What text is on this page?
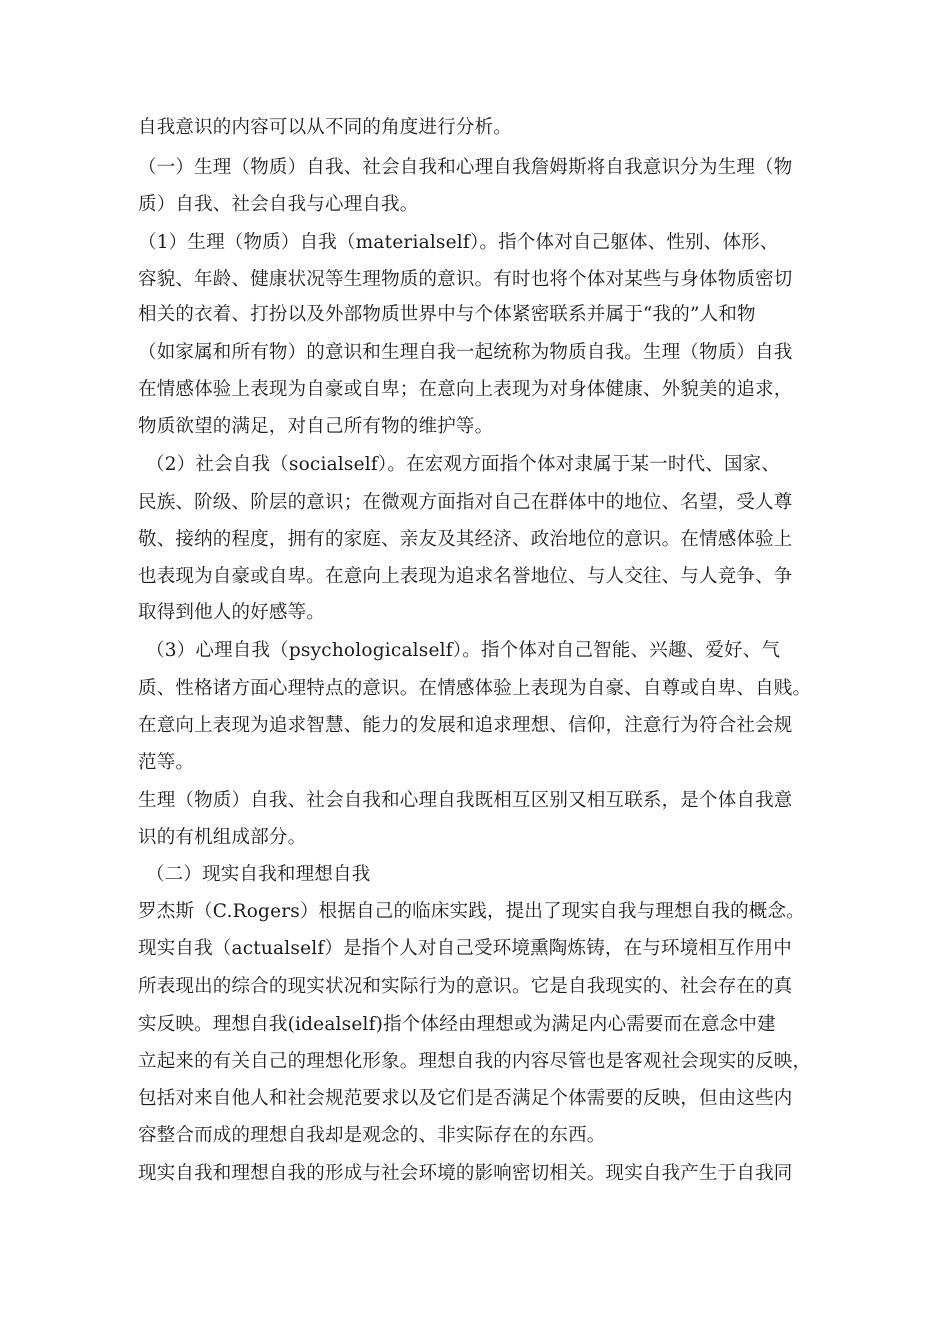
自我意识的内容可以从不同的角度进行分析。
（一）生理（物质）自我、社会自我和心理自我詹姆斯将自我意识分为生理（物
质）自我、社会自我与心理自我。
（1）生理（物质）自我（materialself）。指个体对自己躯体、性别、体形、
容貌、年龄、健康状况等生理物质的意识。有时也将个体对某些与身体物质密切
相关的衣着、打扮以及外部物质世界中与个体紧密联系并属于“我的”人和物
（如家属和所有物）的意识和生理自我一起统称为物质自我。生理（物质）自我
在情感体验上表现为自豪或自卑；在意向上表现为对身体健康、外貌美的追求，
物质欲望的满足，对自己所有物的维护等。
（2）社会自我（socialself）。在宏观方面指个体对隶属于某一时代、国家、
民族、阶级、阶层的意识；在微观方面指对自己在群体中的地位、名望，受人尊
敬、接纳的程度，拥有的家庭、亲友及其经济、政治地位的意识。在情感体验上
也表现为自豪或自卑。在意向上表现为追求名誉地位、与人交往、与人竞争、争
取得到他人的好感等。
（3）心理自我（psychologicalself）。指个体对自己智能、兴趣、爱好、气
质、性格诸方面心理特点的意识。在情感体验上表现为自豪、自尊或自卑、自贱。
在意向上表现为追求智慧、能力的发展和追求理想、信仰，注意行为符合社会规
范等。
生理（物质）自我、社会自我和心理自我既相互区别又相互联系，是个体自我意
识的有机组成部分。
（二）现实自我和理想自我
罗杰斯（C.Rogers）根据自己的临床实践，提出了现实自我与理想自我的概念。
现实自我（actualself）是指个人对自己受环境熏陶炼铸，在与环境相互作用中
所表现出的综合的现实状况和实际行为的意识。它是自我现实的、社会存在的真
实反映。理想自我(idealself)指个体经由理想或为满足内心需要而在意念中建
立起来的有关自己的理想化形象。理想自我的内容尽管也是客观社会现实的反映，
包括对来自他人和社会规范要求以及它们是否满足个体需要的反映，但由这些内
容整合而成的理想自我却是观念的、非实际存在的东西。
现实自我和理想自我的形成与社会环境的影响密切相关。现实自我产生于自我同
